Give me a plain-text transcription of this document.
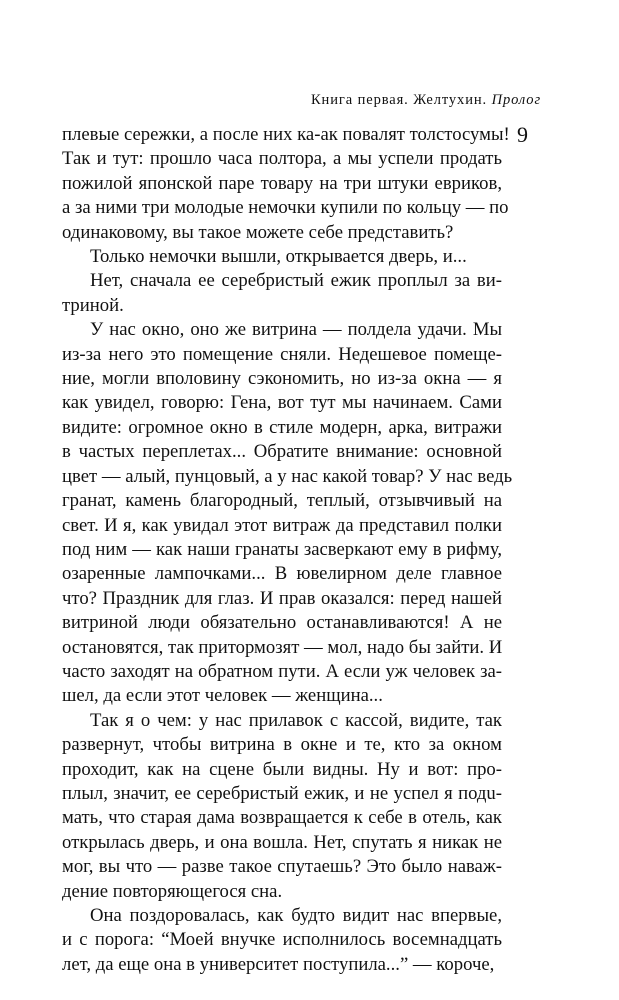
Книга первая. Желтухин. Пролог
9
плевые сережки, а после них ка-ак повалят толстосумы!
Так и тут: прошло часа полтора, а мы успели продать
пожилой японской паре товару на три штуки евриков,
а за ними три молодые немочки купили по кольцу — по
одинаковому, вы такое можете себе представить?
Только немочки вышли, открывается дверь, и...
Нет, сначала ее серебристый ежик проплыл за ви-
триной.
У нас окно, оно же витрина — полдела удачи. Мы
из-за него это помещение сняли. Недешевое помеще-
ние, могли вполовину сэкономить, но из-за окна — я
как увидел, говорю: Гена, вот тут мы начинаем. Сами
видите: огромное окно в стиле модерн, арка, витражи
в частых переплетах... Обратите внимание: основной
цвет — алый, пунцовый, а у нас какой товар? У нас ведь
гранат, камень благородный, теплый, отзывчивый на
свет. И я, как увидал этот витраж да представил полки
под ним — как наши гранаты засверкают ему в рифму,
озаренные лампочками... В ювелирном деле главное
что? Праздник для глаз. И прав оказался: перед нашей
витриной люди обязательно останавливаются! А не
остановятся, так притормозят — мол, надо бы зайти. И
часто заходят на обратном пути. А если уж человек за-
шел, да если этот человек — женщина...
Так я о чем: у нас прилавок с кассой, видите, так
развернут, чтобы витрина в окне и те, кто за окном
проходит, как на сцене были видны. Ну и вот: про-
плыл, значит, ее серебристый ежик, и не успел я подu-
мать, что старая дама возвращается к себе в отель, как
открылась дверь, и она вошла. Нет, спутать я никак не
мог, вы что — разве такое спутаешь? Это было наваж-
дение повторяющегося сна.
Она поздоровалась, как будто видит нас впервые,
и с порога: “Моей внучке исполнилось восемнадцать
лет, да еще она в университет поступила...” — короче,
